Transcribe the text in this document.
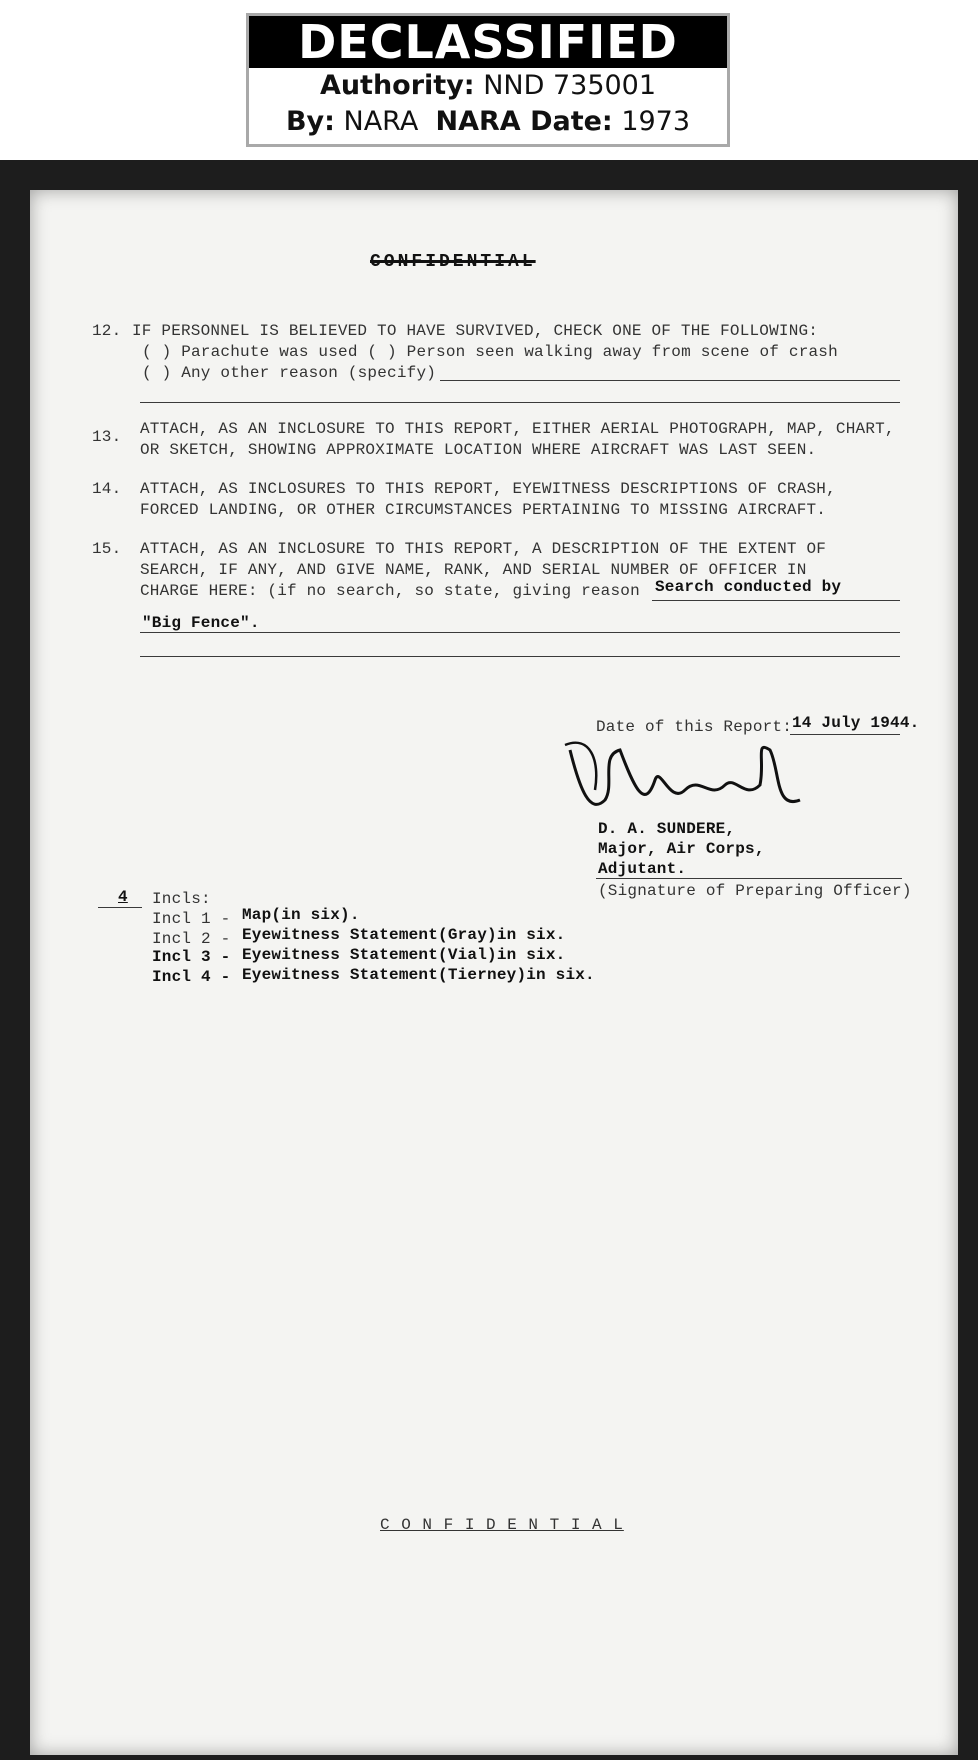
DECLASSIFIED
Authority: NND 735001
By: NARA NARA Date: 1973
CONFIDENTIAL
12. IF PERSONNEL IS BELIEVED TO HAVE SURVIVED, CHECK ONE OF THE FOLLOWING:
( ) Parachute was used ( ) Person seen walking away from scene of crash
( ) Any other reason (specify)
13. ATTACH, AS AN INCLOSURE TO THIS REPORT, EITHER AERIAL PHOTOGRAPH, MAP, CHART,
OR SKETCH, SHOWING APPROXIMATE LOCATION WHERE AIRCRAFT WAS LAST SEEN.
14. ATTACH, AS INCLOSURES TO THIS REPORT, EYEWITNESS DESCRIPTIONS OF CRASH,
FORCED LANDING, OR OTHER CIRCUMSTANCES PERTAINING TO MISSING AIRCRAFT.
15. ATTACH, AS AN INCLOSURE TO THIS REPORT, A DESCRIPTION OF THE EXTENT OF
SEARCH, IF ANY, AND GIVE NAME, RANK, AND SERIAL NUMBER OF OFFICER IN
CHARGE HERE: (if no search, so state, giving reason Search conducted by
"Big Fence".
Date of this Report: 14 July 1944.
D. A. SUNDERE,
Major, Air Corps,
Adjutant.
(Signature of Preparing Officer)
4 Incls:
Incl 1 - Map(in six).
Incl 2 - Eyewitness Statement(Gray)in six.
Incl 3 - Eyewitness Statement(Vial)in six.
Incl 4 - Eyewitness Statement(Tierney)in six.
C O N F I D E N T I A L
